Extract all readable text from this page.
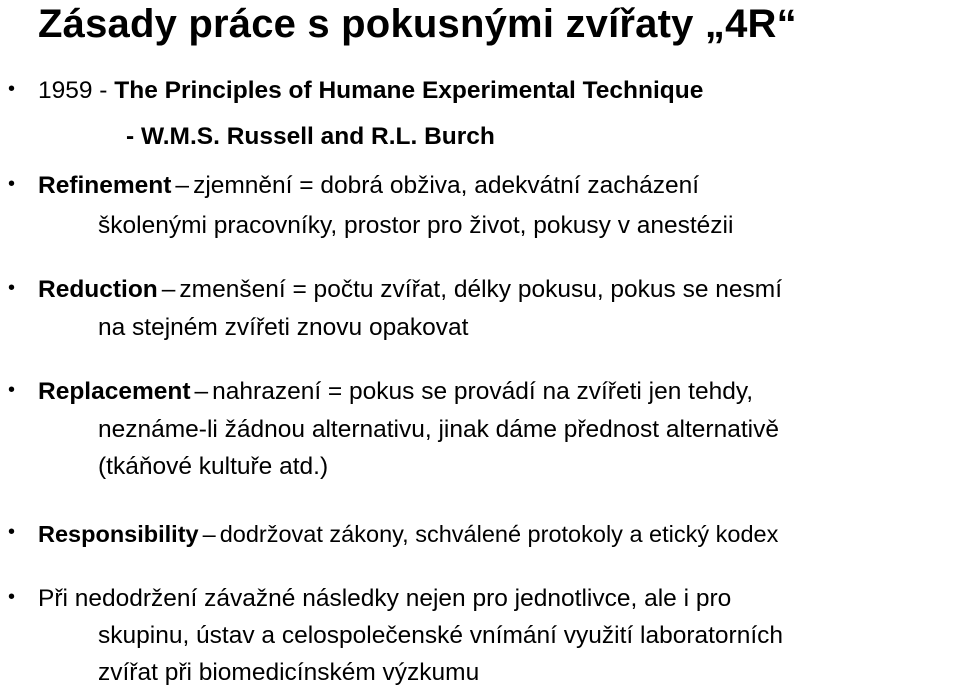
Zásady práce s pokusnými zvířaty „4R“
• 1959 - The Principles of Humane Experimental Technique
- W.M.S. Russell and R.L. Burch
• Refinement – zjemnění = dobrá obživa, adekvátní zacházení
školenými pracovníky, prostor pro život, pokusy v anestézii
• Reduction – zmenšení = počtu zvířat, délky pokusu, pokus se nesmí
na stejném zvířeti znovu opakovat
• Replacement – nahrazení = pokus se provádí na zvířeti jen tehdy,
neznáme-li žádnou alternativu, jinak dáme přednost alternativě
(tkáňové kultuře atd.)
• Responsibility – dodržovat zákony, schválené protokoly a etický kodex
• Při nedodržení závažné následky nejen pro jednotlivce, ale i pro
skupinu, ústav a celospolečenské vnímání využití laboratorních
zvířat při biomedicínském výzkumu
